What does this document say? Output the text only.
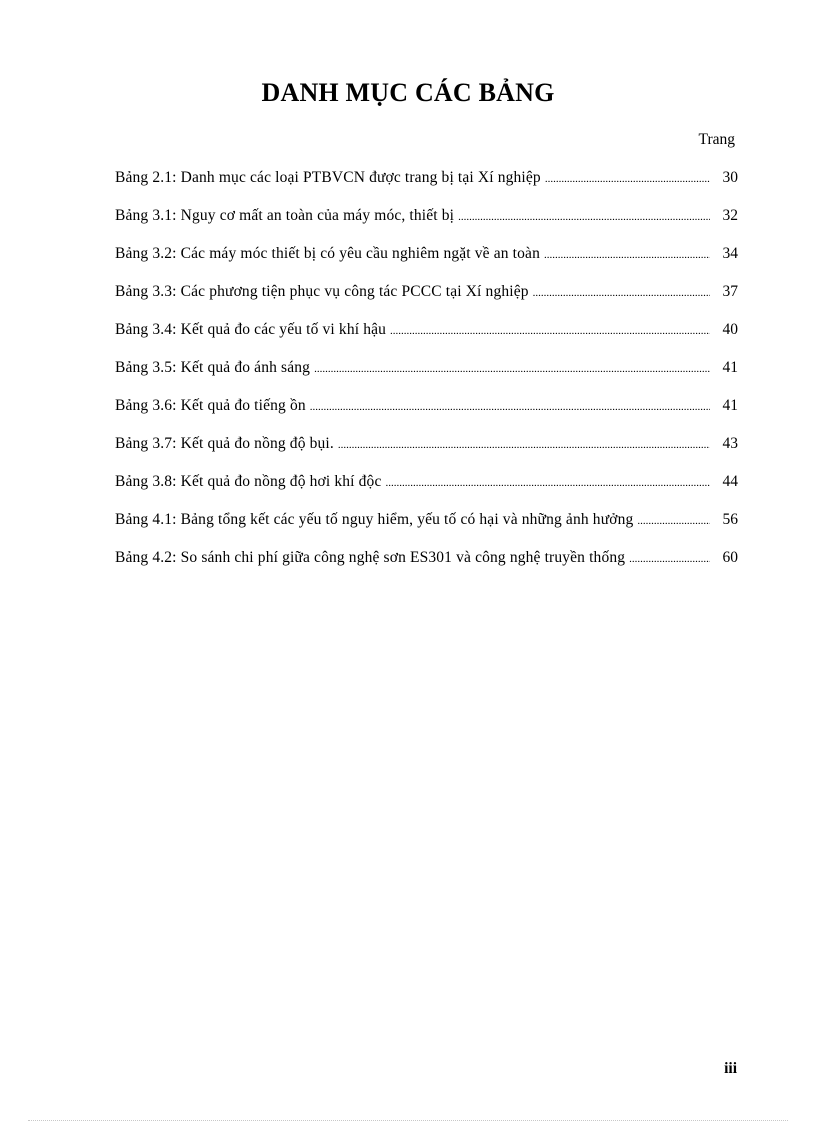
DANH MỤC CÁC BẢNG
Trang
Bảng 2.1: Danh mục các loại PTBVCN được trang bị tại Xí nghiệp .....	30
Bảng 3.1: Nguy cơ mất an toàn của máy móc, thiết bị .....	32
Bảng 3.2: Các máy móc thiết bị có yêu cầu nghiêm ngặt về an toàn .....	34
Bảng 3.3: Các phương tiện phục vụ công tác PCCC tại Xí nghiệp .....	37
Bảng 3.4: Kết quả đo các yếu tố vi khí hậu .....	40
Bảng 3.5: Kết quả đo ánh sáng .....	41
Bảng 3.6: Kết quả đo tiếng ồn .....	41
Bảng 3.7: Kết quả đo nồng độ bụi. .....	43
Bảng 3.8: Kết quả đo nồng độ hơi khí độc .....	44
Bảng 4.1: Bảng tổng kết các yếu tố nguy hiểm, yếu tố có hại và những ảnh hưởng .....	56
Bảng 4.2: So sánh chi phí giữa công nghệ sơn ES301 và công nghệ truyền thống .....	60
iii
